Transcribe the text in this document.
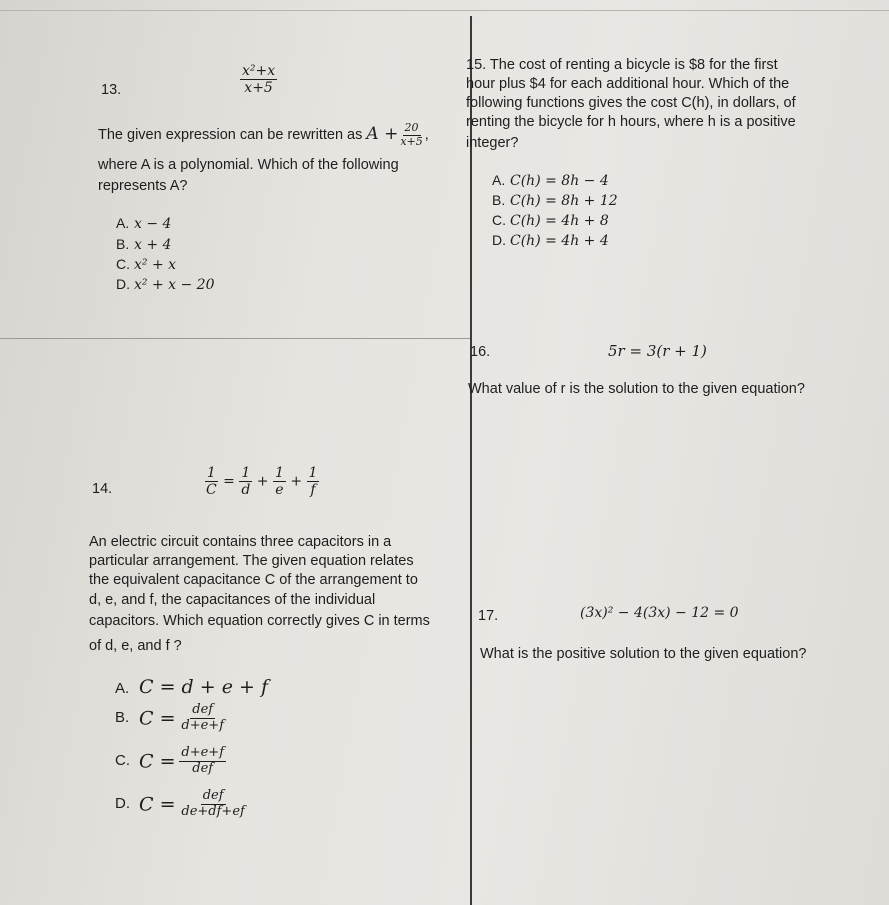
13.	$\frac{\text{x²+x}}{x+5}$
The given expression can be rewritten as $A + \frac{20}{x+5}$ ,
where A is a polynomial. Which of the following
represents A?
A. x − 4
B. x + 4
C. x² + x
D. x² + x − 20
15. The cost of renting a bicycle is $8 for the first
hour plus $4 for each additional hour. Which of the
following functions gives the cost C(h), in dollars, of
renting the bicycle for h hours, where h is a positive
integer?
A. C(h) = 8h − 4
B. C(h) = 8h + 12
C. C(h) = 4h + 8
D. C(h) = 4h + 4
16.	5r = 3(r + 1)
What value of r is the solution to the given equation?
14.	$\frac{1}{C} = \frac{1}{d} + \frac{1}{e} + \frac{1}{f}$
An electric circuit contains three capacitors in a
particular arrangement. The given equation relates
the equivalent capacitance C of the arrangement to
d, e, and f, the capacitances of the individual
capacitors. Which equation correctly gives C in terms
of d, e, and f ?
A. C = d + e + f
B. $C = \frac{\text{def}}{d+e+f}$
C. $C = \frac{d+e+f}{\text{def}}$
D. $C = \frac{\text{def}}{de+df+ef}$
17.	(3x)² − 4(3x) − 12 = 0
What is the positive solution to the given equation?
